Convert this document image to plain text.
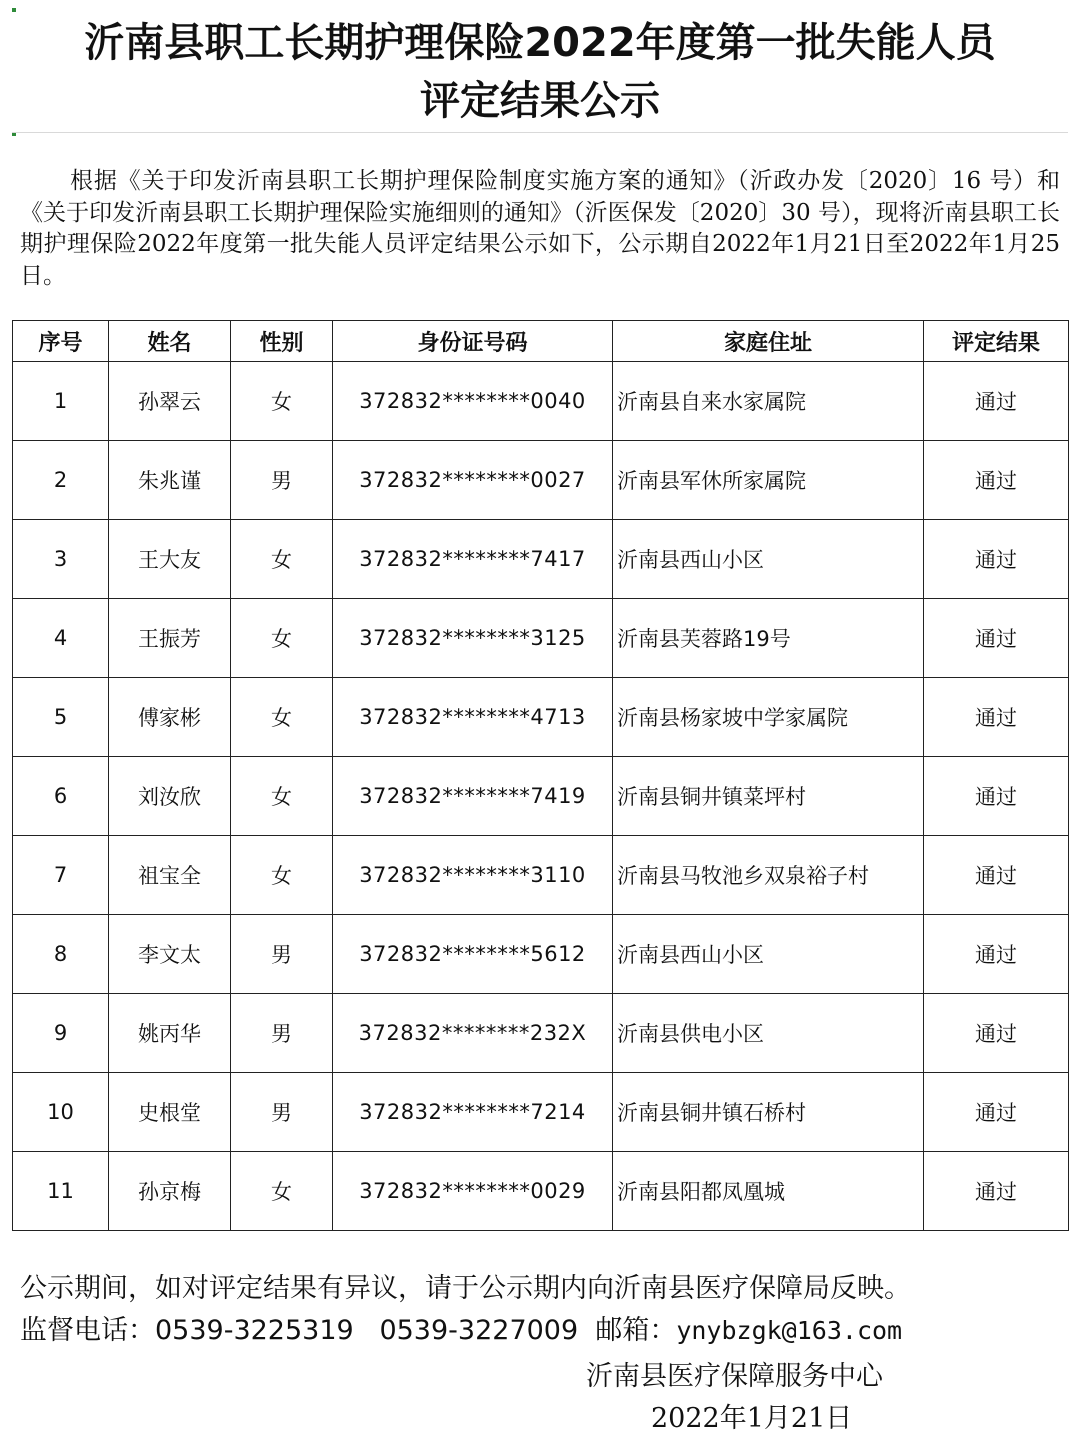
沂南县职工长期护理保险2022年度第一批失能人员
评定结果公示
根据《关于印发沂南县职工长期护理保险制度实施方案的通知》（沂政办发〔2020〕16 号）和《关于印发沂南县职工长期护理保险实施细则的通知》（沂医保发〔2020〕30 号），现将沂南县职工长期护理保险2022年度第一批失能人员评定结果公示如下，公示期自2022年1月21日至2022年1月25日。
序号	姓名	性别	身份证号码	家庭住址	评定结果
1	孙翠云	女	372832********0040	沂南县自来水家属院	通过
2	朱兆谨	男	372832********0027	沂南县军休所家属院	通过
3	王大友	女	372832********7417	沂南县西山小区	通过
4	王振芳	女	372832********3125	沂南县芙蓉路19号	通过
5	傅家彬	女	372832********4713	沂南县杨家坡中学家属院	通过
6	刘汝欣	女	372832********7419	沂南县铜井镇菜坪村	通过
7	祖宝全	女	372832********3110	沂南县马牧池乡双泉裕子村	通过
8	李文太	男	372832********5612	沂南县西山小区	通过
9	姚丙华	男	372832********232X	沂南县供电小区	通过
10	史根堂	男	372832********7214	沂南县铜井镇石桥村	通过
11	孙京梅	女	372832********0029	沂南县阳都凤凰城	通过
公示期间，如对评定结果有异议，请于公示期内向沂南县医疗保障局反映。
监督电话：0539-3225319 0539-3227009 邮箱：ynybzgk@163.com
沂南县医疗保障服务中心
2022年1月21日
